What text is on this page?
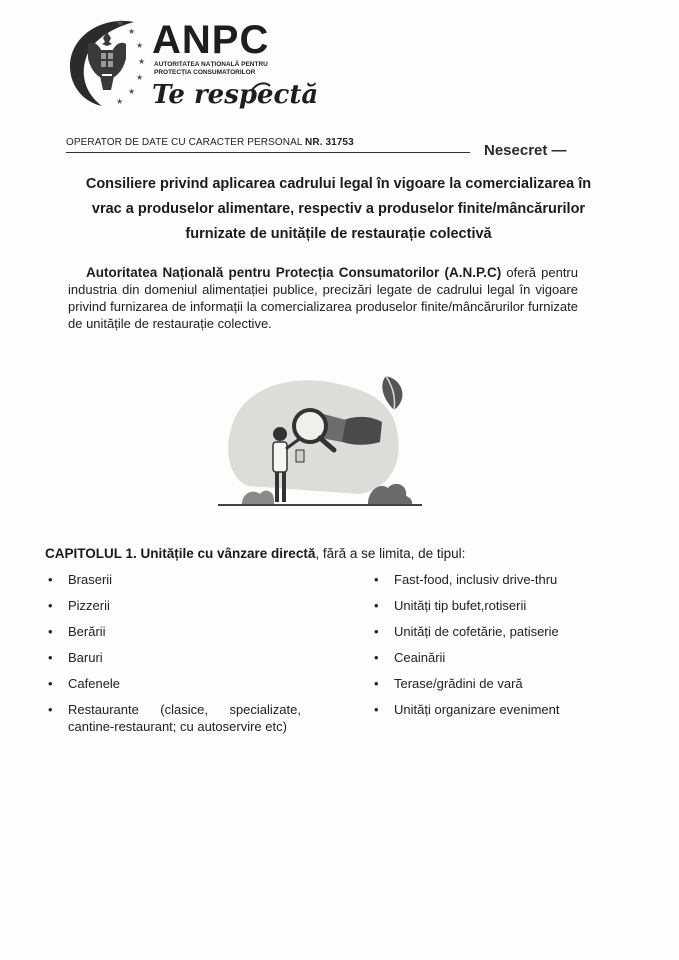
★
★
★
★
★
★
★
ANPC
AUTORITATEA NAȚIONALĂ PENTRU
PROTECȚIA CONSUMATORILOR
Te respectă
OPERATOR DE DATE CU CARACTER PERSONAL NR. 31753	Nesecret —
Consiliere privind aplicarea cadrului legal în vigoare la comercializarea în
vrac a produselor alimentare, respectiv a produselor finite/mâncărurilor
furnizate de unitățile de restaurație colectivă
Autoritatea Națională pentru Protecția Consumatorilor (A.N.P.C) oferă pentru industria din domeniul alimentației publice, precizări legate de cadrului legal în vigoare privind furnizarea de informații la comercializarea produselor finite/mâncărurilor furnizate de unitățile de restaurație colective.
CAPITOLUL 1. Unitățile cu vânzare directă, fără a se limita, de tipul:
• Braserii
• Pizzerii
• Berării
• Baruri
• Cafenele
• Restaurante (clasice, specializate, cantine-restaurant; cu autoservire etc)
• Fast-food, inclusiv drive-thru
• Unități tip bufet,rotiserii
• Unități de cofetărie, patiserie
• Ceainării
• Terase/grădini de vară
• Unități organizare eveniment
